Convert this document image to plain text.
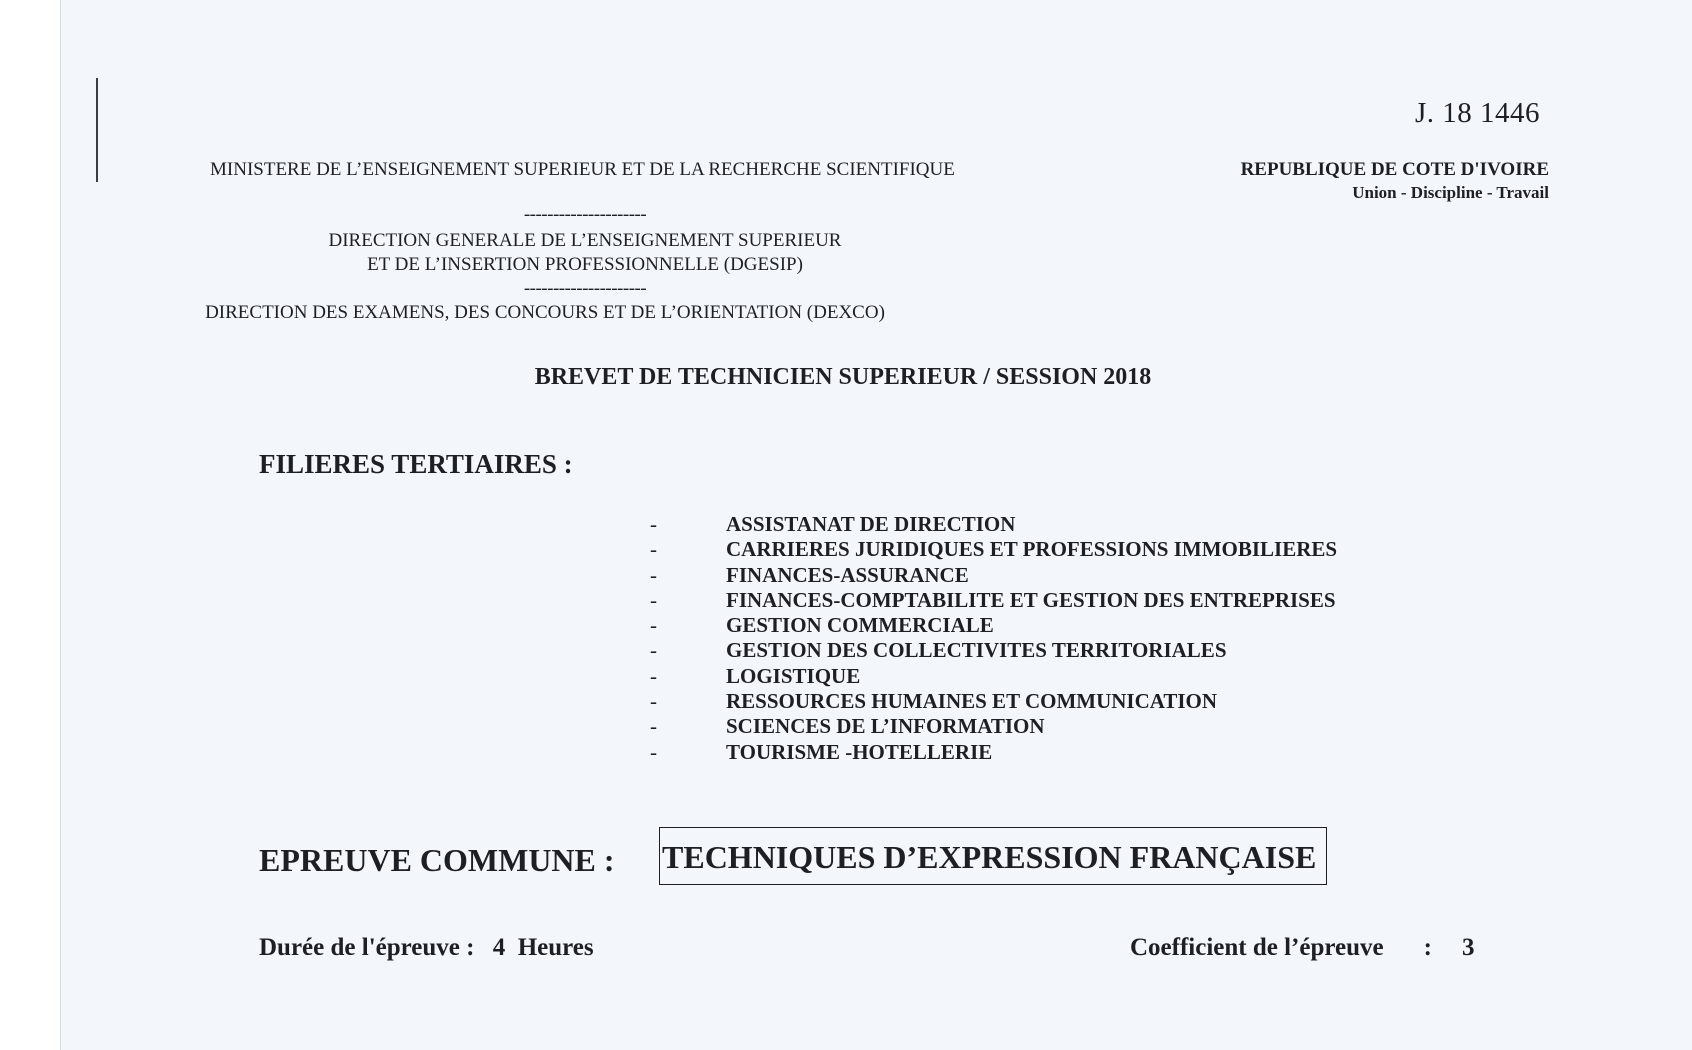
J. 18 1446
MINISTERE DE L’ENSEIGNEMENT SUPERIEUR ET DE LA RECHERCHE SCIENTIFIQUE	REPUBLIQUE DE COTE D'IVOIRE
Union - Discipline - Travail
---------------------
DIRECTION GENERALE DE L’ENSEIGNEMENT SUPERIEUR
ET DE L’INSERTION PROFESSIONNELLE (DGESIP)
---------------------
DIRECTION DES EXAMENS, DES CONCOURS ET DE L’ORIENTATION (DEXCO)
BREVET DE TECHNICIEN SUPERIEUR / SESSION 2018
FILIERES TERTIAIRES :
-	ASSISTANAT DE DIRECTION
-	CARRIERES JURIDIQUES ET PROFESSIONS IMMOBILIERES
-	FINANCES-ASSURANCE
-	FINANCES-COMPTABILITE ET GESTION DES ENTREPRISES
-	GESTION COMMERCIALE
-	GESTION DES COLLECTIVITES TERRITORIALES
-	LOGISTIQUE
-	RESSOURCES HUMAINES ET COMMUNICATION
-	SCIENCES DE L’INFORMATION
-	TOURISME -HOTELLERIE
EPREUVE COMMUNE : TECHNIQUES D’EXPRESSION FRANÇAISE
Durée de l'épreuve : 4  Heures	Coefficient de l’épreuve : 3
